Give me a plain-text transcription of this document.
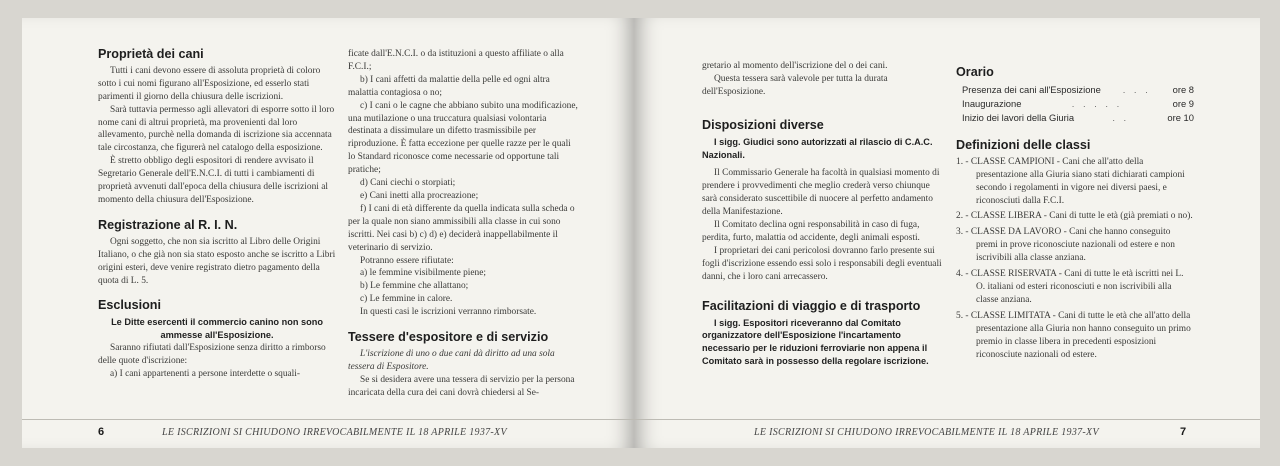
Proprietà dei cani

Tutti i cani devono essere di assoluta proprietà di coloro sotto i cui nomi figurano all'Esposizione, ed esserlo stati parimenti il giorno della chiusura delle iscrizioni.

Sarà tuttavia permesso agli allevatori di esporre sotto il loro nome cani di altrui proprietà, ma provenienti dal loro allevamento, purchè nella domanda di iscrizione sia accennata tale circostanza, che figurerà nel catalogo della esposizione.

È stretto obbligo degli espositori di rendere avvisato il Segretario Generale dell'E.N.C.I. di tutti i cambiamenti di proprietà avvenuti dall'epoca della chiusura delle iscrizioni al momento della chiusura dell'Esposizione.

Registrazione al R. I. N.

Ogni soggetto, che non sia iscritto al Libro delle Origini Italiano, o che già non sia stato esposto anche se iscritto a Libri origini esteri, deve venire registrato dietro pagamento della quota di L. 5.

Esclusioni

Le Ditte esercenti il commercio canino non sono ammesse all'Esposizione.

Saranno rifiutati dall'Esposizione senza diritto a rimborso delle quote d'iscrizione:

a) I cani appartenenti a persone interdette o squali-

ficate dall'E.N.C.I. o da istituzioni a questo affiliate o alla F.C.I.;

b) I cani affetti da malattie della pelle ed ogni altra malattia contagiosa o no;

c) I cani o le cagne che abbiano subito una modificazione, una mutilazione o una truccatura qualsiasi volontaria destinata a dissimulare un difetto trasmissibile per riproduzione. È fatta eccezione per quelle razze per le quali lo Standard riconosce come necessarie od opportune tali pratiche;

d) Cani ciechi o storpiati;

e) Cani inetti alla procreazione;

f) I cani di età differente da quella indicata sulla scheda o per la quale non siano ammissibili alla classe in cui sono iscritti. Nei casi b) c) d) e) deciderà inappellabilmente il veterinario di servizio.

Potranno essere rifiutate:

a) le femmine visibilmente piene;

b) Le femmine che allattano;

c) Le femmine in calore.

In questi casi le iscrizioni verranno rimborsate.

Tessere d'espositore e di servizio

L'iscrizione di uno o due cani dà diritto ad una sola tessera di Espositore.

Se si desidera avere una tessera di servizio per la persona incaricata della cura dei cani dovrà chiedersi al Se-

6	LE ISCRIZIONI SI CHIUDONO IRREVOCABILMENTE IL 18 APRILE 1937-XV

gretario al momento dell'iscrizione del o dei cani.

Questa tessera sarà valevole per tutta la durata dell'Esposizione.

Disposizioni diverse

I sigg. Giudici sono autorizzati al rilascio di C.A.C. Nazionali.

Il Commissario Generale ha facoltà in qualsiasi momento di prendere i provvedimenti che meglio crederà verso chiunque sarà considerato suscettibile di nuocere al perfetto andamento della Manifestazione.

Il Comitato declina ogni responsabilità in caso di fuga, perdita, furto, malattia od accidente, degli animali esposti.

I proprietari dei cani pericolosi dovranno farlo presente sui fogli d'iscrizione essendo essi solo i responsabili degli eventuali danni, che i loro cani arrecassero.

Facilitazioni di viaggio e di trasporto

I sigg. Espositori riceveranno dal Comitato organizzatore dell'Esposizione l'incartamento necessario per le riduzioni ferroviarie non appena il Comitato sarà in possesso della regolare iscrizione.

Orario
Presenza dei cani all'Esposizione	. . .	ore 8
Inaugurazione	. . . . .	ore 9
Inizio dei lavori della Giuria	. .	ore 10
Definizioni delle classi

1. - CLASSE CAMPIONI - Cani che all'atto della presentazione alla Giuria siano stati dichiarati campioni secondo i regolamenti in vigore nei diversi paesi, e riconosciuti dalla F.C.I.

2. - CLASSE LIBERA - Cani di tutte le età (già premiati o no).

3. - CLASSE DA LAVORO - Cani che hanno conseguito premi in prove riconosciute nazionali od estere e non iscrivibili alla classe anziana.

4. - CLASSE RISERVATA - Cani di tutte le età iscritti nei L. O. italiani od esteri riconosciuti e non iscrivibili alla classe anziana.

5. - CLASSE LIMITATA - Cani di tutte le età che all'atto della presentazione alla Giuria non hanno conseguito un primo premio in classe libera in precedenti esposizioni riconosciute nazionali od estere.

LE ISCRIZIONI SI CHIUDONO IRREVOCABILMENTE IL 18 APRILE 1937-XV	7
